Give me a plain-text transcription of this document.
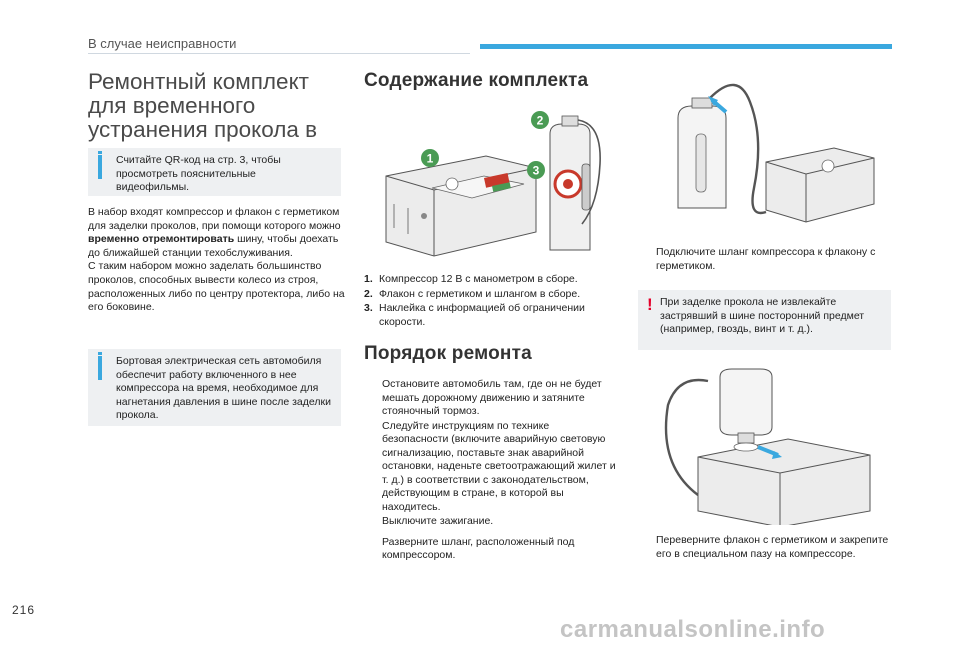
В случае неисправности
Ремонтный комплект для временного устранения прокола в
Считайте QR-код на стр. 3, чтобы просмотреть пояснительные видеофильмы.

В набор входят компрессор и флакон с герметиком для заделки проколов, при помощи которого можно временно отремонтировать шину, чтобы доехать до ближайшей станции техобслуживания.

С таким набором можно заделать большинство проколов, способных вывести колесо из строя, расположенных либо по центру протектора, либо на его боковине.

Бортовая электрическая сеть автомобиля обеспечит работу включенного в нее компрессора на время, необходимое для нагнетания давления в шине после заделки прокола.
Содержание комплекта
1
2
3
1. Компрессор 12 В с манометром в сборе.
2. Флакон с герметиком и шлангом в сборе.
3. Наклейка с информацией об ограничении скорости.
Порядок ремонта
Остановите автомобиль там, где он не будет мешать дорожному движению и затяните стояночный тормоз.
Следуйте инструкциям по технике безопасности (включите аварийную световую сигнализацию, поставьте знак аварийной остановки, наденьте светоотражающий жилет и т. д.) в соответствии с законодательством, действующим в стране, в которой вы находитесь.
Выключите зажигание.
Разверните шланг, расположенный под компрессором.
Подключите шланг компрессора к флакону с герметиком.
! При заделке прокола не извлекайте застрявший в шине посторонний предмет (например, гвоздь, винт и т. д.).
Переверните флакон с герметиком и закрепите его в специальном пазу на компрессоре.
216
carmanualsonline.info
